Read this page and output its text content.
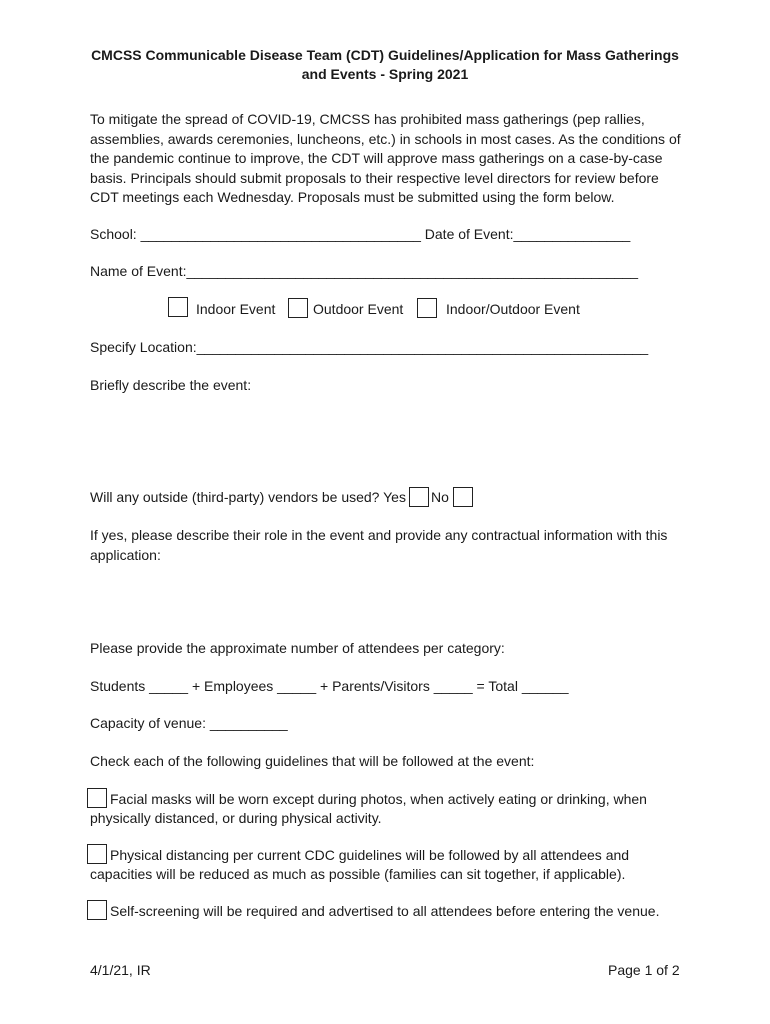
CMCSS Communicable Disease Team (CDT) Guidelines/Application for Mass Gatherings
and Events - Spring 2021
To mitigate the spread of COVID-19, CMCSS has prohibited mass gatherings (pep rallies,
assemblies, awards ceremonies, luncheons, etc.) in schools in most cases. As the conditions of
the pandemic continue to improve, the CDT will approve mass gatherings on a case-by-case
basis. Principals should submit proposals to their respective level directors for review before
CDT meetings each Wednesday. Proposals must be submitted using the form below.
School: ____________________________________ Date of Event:_______________
Name of Event:__________________________________________________________
Indoor Event	Outdoor Event	Indoor/Outdoor Event
Specify Location:__________________________________________________________
Briefly describe the event:
Will any outside (third-party) vendors be used? Yes No
If yes, please describe their role in the event and provide any contractual information with this
application:
Please provide the approximate number of attendees per category:
Students _____ + Employees _____ + Parents/Visitors _____ = Total ______
Capacity of venue: __________
Check each of the following guidelines that will be followed at the event:
Facial masks will be worn except during photos, when actively eating or drinking, when
physically distanced, or during physical activity.
Physical distancing per current CDC guidelines will be followed by all attendees and
capacities will be reduced as much as possible (families can sit together, if applicable).
Self-screening will be required and advertised to all attendees before entering the venue.
4/1/21, IR	Page 1 of 2
